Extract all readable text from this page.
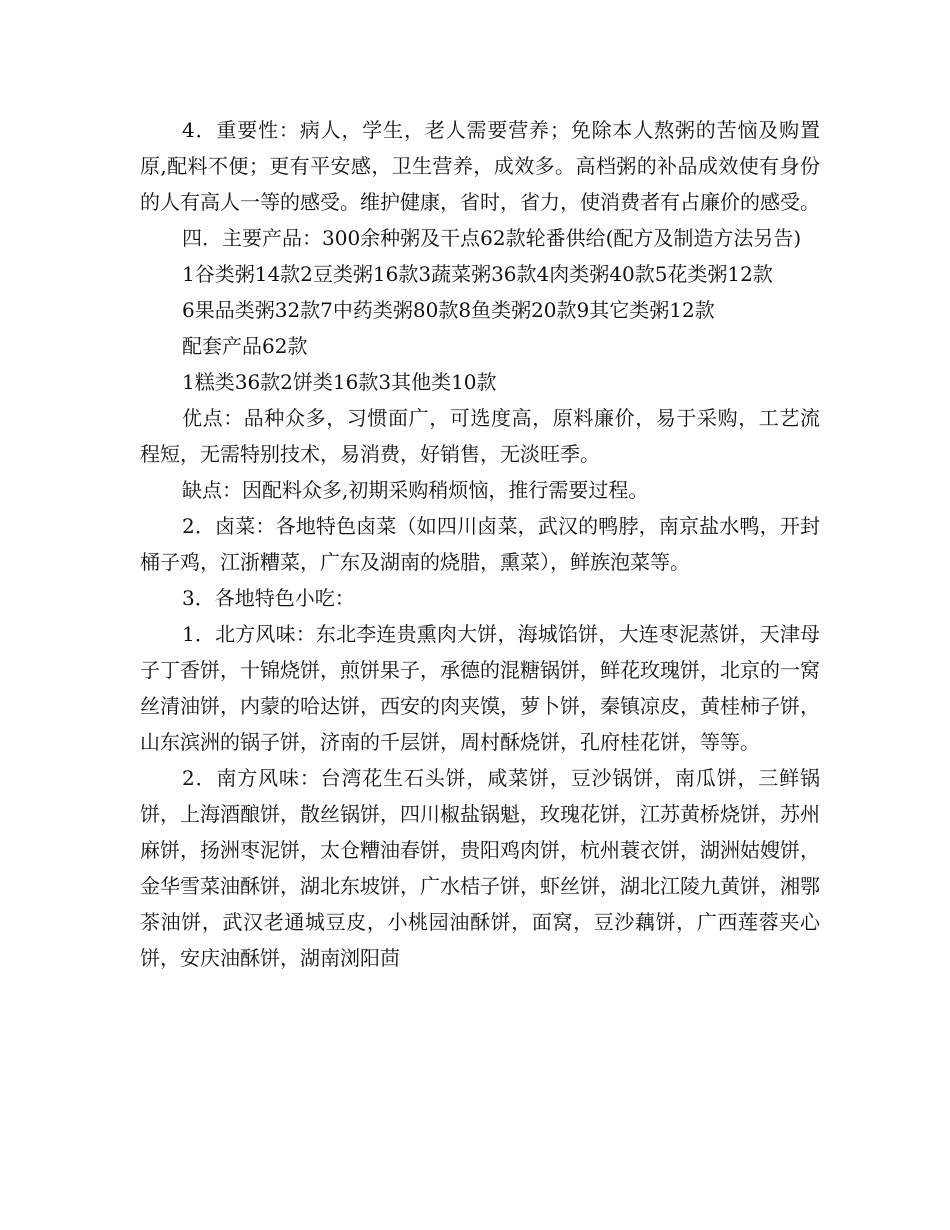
4．重要性：病人，学生，老人需要营养；免除本人熬粥的苦恼及购置原,配料不便；更有平安感，卫生营养，成效多。高档粥的补品成效使有身份的人有高人一等的感受。维护健康，省时，省力，使消费者有占廉价的感受。

四．主要产品：300余种粥及干点62款轮番供给(配方及制造方法另告)

1谷类粥14款2豆类粥16款3蔬菜粥36款4肉类粥40款5花类粥12款

6果品类粥32款7中药类粥80款8鱼类粥20款9其它类粥12款

配套产品62款

1糕类36款2饼类16款3其他类10款

优点：品种众多，习惯面广，可选度高，原料廉价，易于采购，工艺流程短，无需特别技术，易消费，好销售，无淡旺季。

缺点：因配料众多,初期采购稍烦恼，推行需要过程。

2．卤菜：各地特色卤菜（如四川卤菜，武汉的鸭脖，南京盐水鸭，开封桶子鸡，江浙糟菜，广东及湖南的烧腊，熏菜），鲜族泡菜等。

3．各地特色小吃：

1．北方风味：东北李连贵熏肉大饼，海城馅饼，大连枣泥蒸饼，天津母子丁香饼，十锦烧饼，煎饼果子，承德的混糖锅饼，鲜花玫瑰饼，北京的一窝丝清油饼，内蒙的哈达饼，西安的肉夹馍，萝卜饼，秦镇凉皮，黄桂柿子饼，山东滨洲的锅子饼，济南的千层饼，周村酥烧饼，孔府桂花饼，等等。

2．南方风味：台湾花生石头饼，咸菜饼，豆沙锅饼，南瓜饼，三鲜锅饼，上海酒酿饼，散丝锅饼，四川椒盐锅魁，玫瑰花饼，江苏黄桥烧饼，苏州麻饼，扬洲枣泥饼，太仓糟油春饼，贵阳鸡肉饼，杭州蓑衣饼，湖洲姑嫂饼，金华雪菜油酥饼，湖北东坡饼，广水桔子饼，虾丝饼，湖北江陵九黄饼，湘鄂茶油饼，武汉老通城豆皮，小桃园油酥饼，面窝，豆沙藕饼，广西莲蓉夹心饼，安庆油酥饼，湖南浏阳茴
